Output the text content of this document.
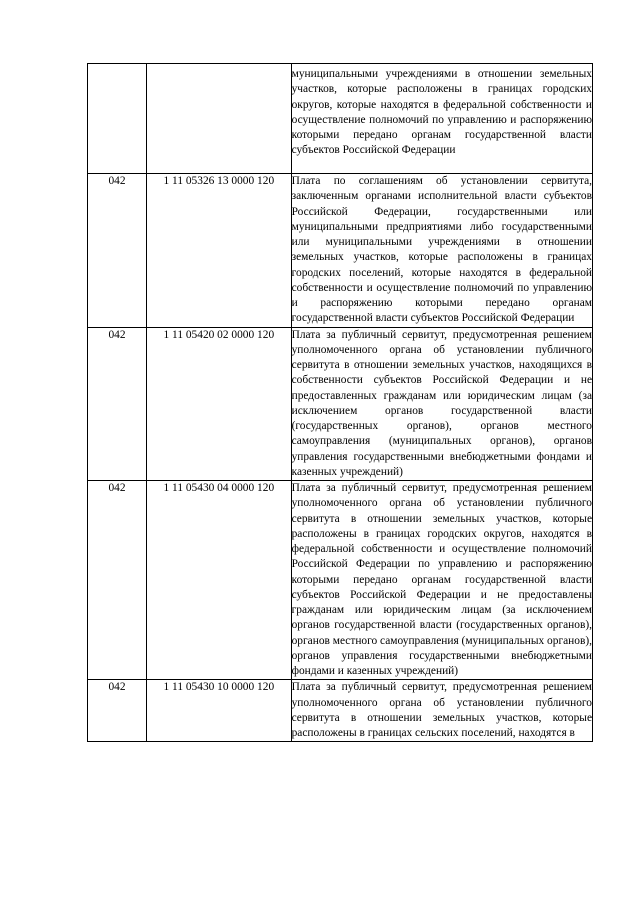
		муниципальными учреждениями в отношении земельных участков, которые расположены в границах городских округов, которые находятся в федеральной собственности и осуществление полномочий по управлению и распоряжению которыми передано органам государственной власти субъектов Российской Федерации

042	1 11 05326 13 0000 120	Плата по соглашениям об установлении сервитута, заключенным органами исполнительной власти субъектов Российской Федерации, государственными или муниципальными предприятиями либо государственными или муниципальными учреждениями в отношении земельных участков, которые расположены в границах городских поселений, которые находятся в федеральной собственности и осуществление полномочий по управлению и распоряжению которыми передано органам государственной власти субъектов Российской Федерации

042	1 11 05420 02 0000 120	Плата за публичный сервитут, предусмотренная решением уполномоченного органа об установлении публичного сервитута в отношении земельных участков, находящихся в собственности субъектов Российской Федерации и не предоставленных гражданам или юридическим лицам (за исключением органов государственной власти (государственных органов), органов местного самоуправления (муниципальных органов), органов управления государственными внебюджетными фондами и казенных учреждений)

042	1 11 05430 04 0000 120	Плата за публичный сервитут, предусмотренная решением уполномоченного органа об установлении публичного сервитута в отношении земельных участков, которые расположены в границах городских округов, находятся в федеральной собственности и осуществление полномочий Российской Федерации по управлению и распоряжению которыми передано органам государственной власти субъектов Российской Федерации и не предоставлены гражданам или юридическим лицам (за исключением органов государственной власти (государственных органов), органов местного самоуправления (муниципальных органов), органов управления государственными внебюджетными фондами и казенных учреждений)

042	1 11 05430 10 0000 120	Плата за публичный сервитут, предусмотренная решением уполномоченного органа об установлении публичного сервитута в отношении земельных участков, которые расположены в границах сельских поселений, находятся в
